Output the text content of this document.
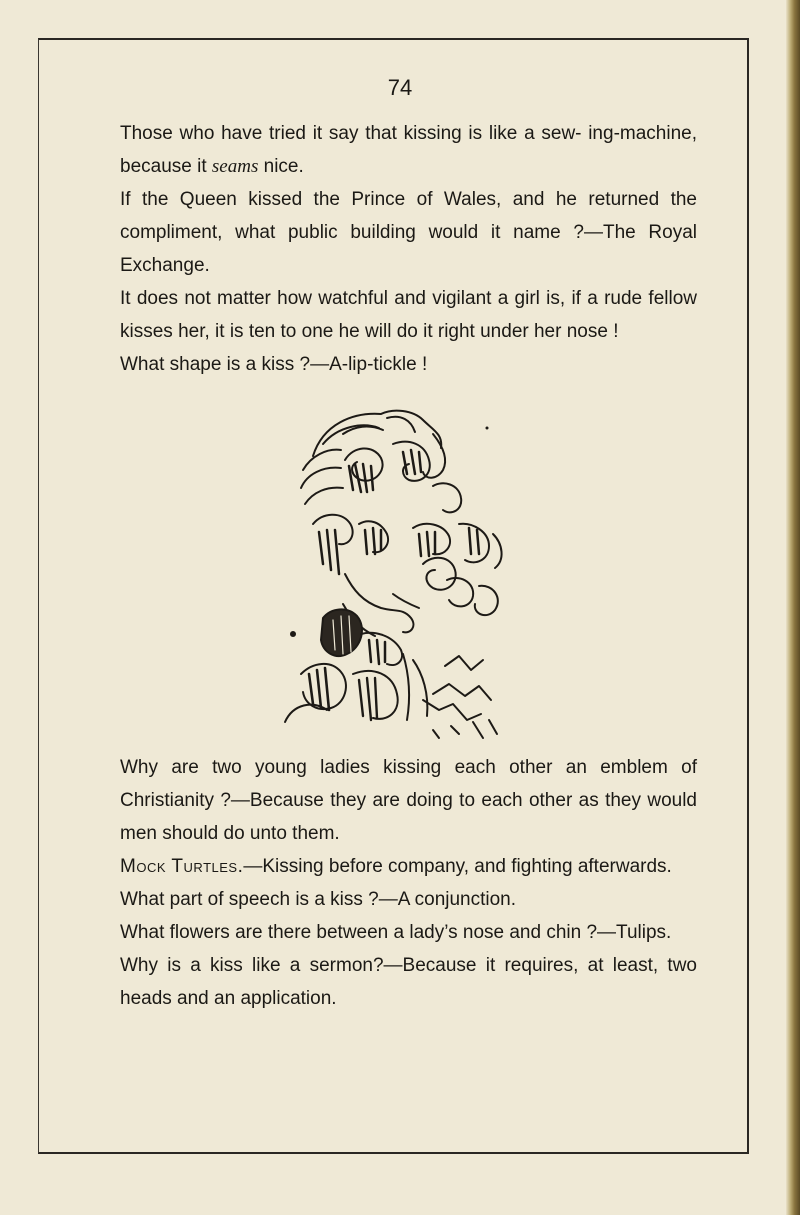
74

Those who have tried it say that kissing is like a sew- ing-machine, because it seams nice.

If the Queen kissed the Prince of Wales, and he returned the compliment, what public building would it name ?—The Royal Exchange.

It does not matter how watchful and vigilant a girl is, if a rude fellow kisses her, it is ten to one he will do it right under her nose !

What shape is a kiss ?—A-lip-tickle !

Why are two young ladies kissing each other an emblem of Christianity ?—Because they are doing to each other as they would men should do unto them.

Mock Turtles.—Kissing before company, and fighting afterwards.

What part of speech is a kiss ?—A conjunction.

What flowers are there between a lady’s nose and chin ?—Tulips.

Why is a kiss like a sermon?—Because it requires, at least, two heads and an application.
